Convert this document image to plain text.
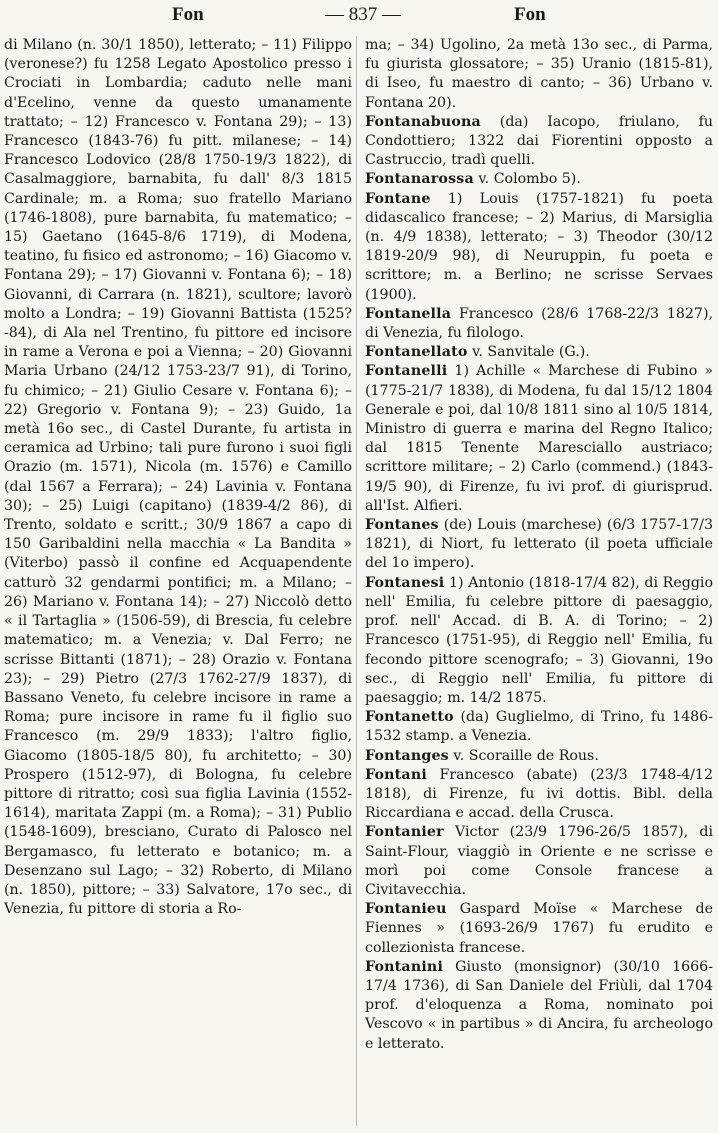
Fon	— 837 —	Fon

di Milano (n. 30/1 1850), letterato; – 11) Filippo (veronese?) fu 1258 Legato Apostolico presso i Crociati in Lombardia; caduto nelle mani d'Ecelino, venne da questo umanamente trattato; – 12) Francesco v. Fontana 29); – 13) Francesco (1843-76) fu pitt. milanese; – 14) Francesco Lodovico (28/8 1750-19/3 1822), di Casalmaggiore, barnabita, fu dall' 8/3 1815 Cardinale; m. a Roma; suo fratello Mariano (1746-1808), pure barnabita, fu matematico; – 15) Gaetano (1645-8/6 1719), di Modena, teatino, fu fisico ed astronomo; – 16) Giacomo v. Fontana 29); – 17) Giovanni v. Fontana 6); – 18) Giovanni, di Carrara (n. 1821), scultore; lavorò molto a Londra; – 19) Giovanni Battista (1525?-84), di Ala nel Trentino, fu pittore ed incisore in rame a Verona e poi a Vienna; – 20) Giovanni Maria Urbano (24/12 1753-23/7 91), di Torino, fu chimico; – 21) Giulio Cesare v. Fontana 6); – 22) Gregorio v. Fontana 9); – 23) Guido, 1a metà 16o sec., di Castel Durante, fu artista in ceramica ad Urbino; tali pure furono i suoi figli Orazio (m. 1571), Nicola (m. 1576) e Camillo (dal 1567 a Ferrara); – 24) Lavinia v. Fontana 30); – 25) Luigi (capitano) (1839-4/2 86), di Trento, soldato e scritt.; 30/9 1867 a capo di 150 Garibaldini nella macchia « La Bandita » (Viterbo) passò il confine ed Acquapendente catturò 32 gendarmi pontifici; m. a Milano; – 26) Mariano v. Fontana 14); – 27) Niccolò detto « il Tartaglia » (1506-59), di Brescia, fu celebre matematico; m. a Venezia; v. Dal Ferro; ne scrisse Bittanti (1871); – 28) Orazio v. Fontana 23); – 29) Pietro (27/3 1762-27/9 1837), di Bassano Veneto, fu celebre incisore in rame a Roma; pure incisore in rame fu il figlio suo Francesco (m. 29/9 1833); l'altro figlio, Giacomo (1805-18/5 80), fu architetto; – 30) Prospero (1512-97), di Bologna, fu celebre pittore di ritratto; così sua figlia Lavinia (1552-1614), maritata Zappi (m. a Roma); – 31) Publio (1548-1609), bresciano, Curato di Palosco nel Bergamasco, fu letterato e botanico; m. a Desenzano sul Lago; – 32) Roberto, di Milano (n. 1850), pittore; – 33) Salvatore, 17o sec., di Venezia, fu pittore di storia a Ro-

ma; – 34) Ugolino, 2a metà 13o sec., di Parma, fu giurista glossatore; – 35) Uranio (1815-81), di Iseo, fu maestro di canto; – 36) Urbano v. Fontana 20).

Fontanabuona (da) Iacopo, friulano, fu Condottiero; 1322 dai Fiorentini opposto a Castruccio, tradì quelli.

Fontanarossa v. Colombo 5).

Fontane 1) Louis (1757-1821) fu poeta didascalico francese; – 2) Marius, di Marsiglia (n. 4/9 1838), letterato; – 3) Theodor (30/12 1819-20/9 98), di Neuruppin, fu poeta e scrittore; m. a Berlino; ne scrisse Servaes (1900).

Fontanella Francesco (28/6 1768-22/3 1827), di Venezia, fu filologo.

Fontanellato v. Sanvitale (G.).

Fontanelli 1) Achille « Marchese di Fubino » (1775-21/7 1838), di Modena, fu dal 15/12 1804 Generale e poi, dal 10/8 1811 sino al 10/5 1814, Ministro di guerra e marina del Regno Italico; dal 1815 Tenente Maresciallo austriaco; scrittore militare; – 2) Carlo (commend.) (1843-19/5 90), di Firenze, fu ivi prof. di giurisprud. all'Ist. Alfieri.

Fontanes (de) Louis (marchese) (6/3 1757-17/3 1821), di Niort, fu letterato (il poeta ufficiale del 1o impero).

Fontanesi 1) Antonio (1818-17/4 82), di Reggio nell' Emilia, fu celebre pittore di paesaggio, prof. nell' Accad. di B. A. di Torino; – 2) Francesco (1751-95), di Reggio nell' Emilia, fu fecondo pittore scenografo; – 3) Giovanni, 19o sec., di Reggio nell' Emilia, fu pittore di paesaggio; m. 14/2 1875.

Fontanetto (da) Guglielmo, di Trino, fu 1486-1532 stamp. a Venezia.

Fontanges v. Scoraille de Rous.

Fontani Francesco (abate) (23/3 1748-4/12 1818), di Firenze, fu ivi dottis. Bibl. della Riccardiana e accad. della Crusca.

Fontanier Victor (23/9 1796-26/5 1857), di Saint-Flour, viaggiò in Oriente e ne scrisse e morì poi come Console francese a Civitavecchia.

Fontanieu Gaspard Moïse « Marchese de Fiennes » (1693-26/9 1767) fu erudito e collezionista francese.

Fontanini Giusto (monsignor) (30/10 1666-17/4 1736), di San Daniele del Friùli, dal 1704 prof. d'eloquenza a Roma, nominato poi Vescovo « in partibus » di Ancira, fu archeologo e letterato.
